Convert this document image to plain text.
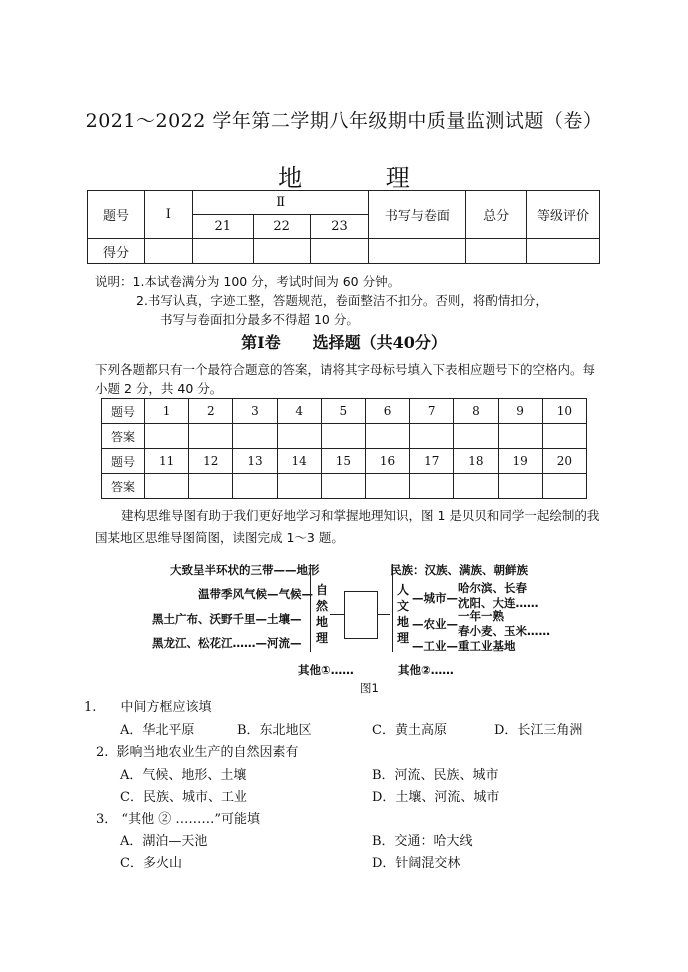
2021～2022 学年第二学期八年级期中质量监测试题（卷）
地 理
题号	Ⅰ	Ⅱ			书写与卷面	总分	等级评价
		21	22	23			
得分							
说明：1.本试卷满分为 100 分，考试时间为 60 分钟。
2.书写认真，字迹工整，答题规范，卷面整洁不扣分。否则，将酌情扣分，
书写与卷面扣分最多不得超 10 分。
第Ⅰ卷　　选择题（共40分）
下列各题都只有一个最符合题意的答案，请将其字母标号填入下表相应题号下的空格内。每小题 2 分，共 40 分。
题号	1	2	3	4	5	6	7	8	9	10
答案										
题号	11	12	13	14	15	16	17	18	19	20
答案										
建构思维导图有助于我们更好地学习和掌握地理知识，图 1 是贝贝和同学一起绘制的我国某地区思维导图简图，读图完成 1～3 题。
大致呈半环状的三带——地形
温带季风气候—气候—
黑土广布、沃野千里—土壤—
黑龙江、松花江……—河流—
其他①……
自然地理
人文地理
民族：汉族、满族、朝鲜族
—城市—
哈尔滨、长春
沈阳、大连……
—农业—
一年一熟
春小麦、玉米……
—工业—重工业基地
其他②……
图1
1. 中间方框应该填
A．华北平原	B．东北地区	C．黄土高原	D．长江三角洲
2. 影响当地农业生产的自然因素有
A．气候、地形、土壤	B．河流、民族、城市
C．民族、城市、工业	D．土壤、河流、城市
3． “其他 ② ………”可能填
A．湖泊—天池	B．交通：哈大线
C．多火山	D．针阔混交林
